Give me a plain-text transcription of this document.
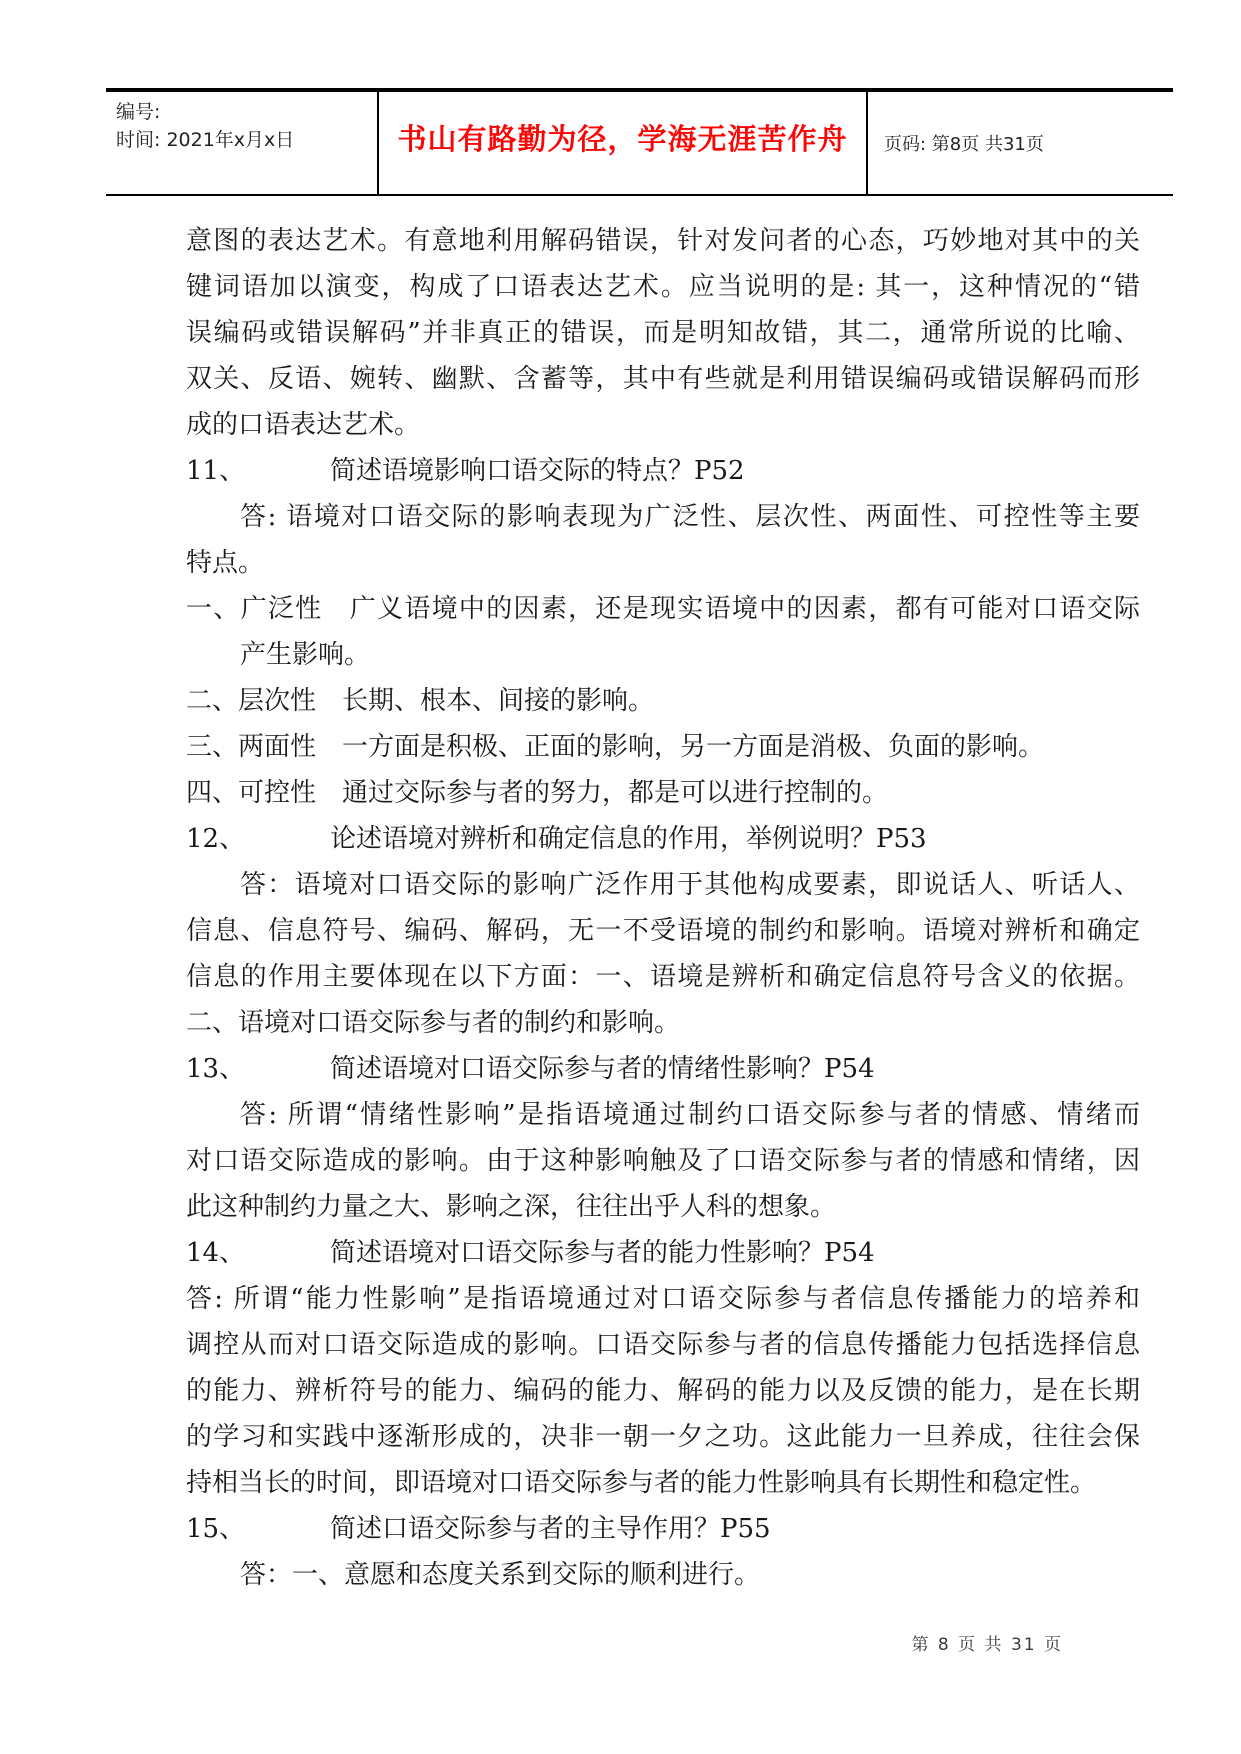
编号:
时间: 2021年x月x日	书山有路勤为径，学海无涯苦作舟	页码: 第8页 共31页
意图的表达艺术。有意地利用解码错误，针对发问者的心态，巧妙地对其中的关
键词语加以演变，构成了口语表达艺术。应当说明的是: 其一，这种情况的“错
误编码或错误解码”并非真正的错误，而是明知故错，其二，通常所说的比喻、
双关、反语、婉转、幽默、含蓄等，其中有些就是利用错误编码或错误解码而形
成的口语表达艺术。
11、	简述语境影响口语交际的特点？P52
答: 语境对口语交际的影响表现为广泛性、层次性、两面性、可控性等主要
特点。
一、广泛性　广义语境中的因素，还是现实语境中的因素，都有可能对口语交际
产生影响。
二、层次性　长期、根本、间接的影响。
三、两面性　一方面是积极、正面的影响，另一方面是消极、负面的影响。
四、可控性　通过交际参与者的努力，都是可以进行控制的。
12、	论述语境对辨析和确定信息的作用，举例说明？P53
答：语境对口语交际的影响广泛作用于其他构成要素，即说话人、听话人、
信息、信息符号、编码、解码，无一不受语境的制约和影响。语境对辨析和确定
信息的作用主要体现在以下方面：一、语境是辨析和确定信息符号含义的依据。
二、语境对口语交际参与者的制约和影响。
13、	简述语境对口语交际参与者的情绪性影响？P54
答: 所谓“情绪性影响”是指语境通过制约口语交际参与者的情感、情绪而
对口语交际造成的影响。由于这种影响触及了口语交际参与者的情感和情绪，因
此这种制约力量之大、影响之深，往往出乎人科的想象。
14、	简述语境对口语交际参与者的能力性影响？P54
答: 所谓“能力性影响”是指语境通过对口语交际参与者信息传播能力的培养和
调控从而对口语交际造成的影响。口语交际参与者的信息传播能力包括选择信息
的能力、辨析符号的能力、编码的能力、解码的能力以及反馈的能力，是在长期
的学习和实践中逐渐形成的，决非一朝一夕之功。这此能力一旦养成，往往会保
持相当长的时间，即语境对口语交际参与者的能力性影响具有长期性和稳定性。
15、	简述口语交际参与者的主导作用？P55
答：一、意愿和态度关系到交际的顺利进行。
第 8 页 共 31 页
